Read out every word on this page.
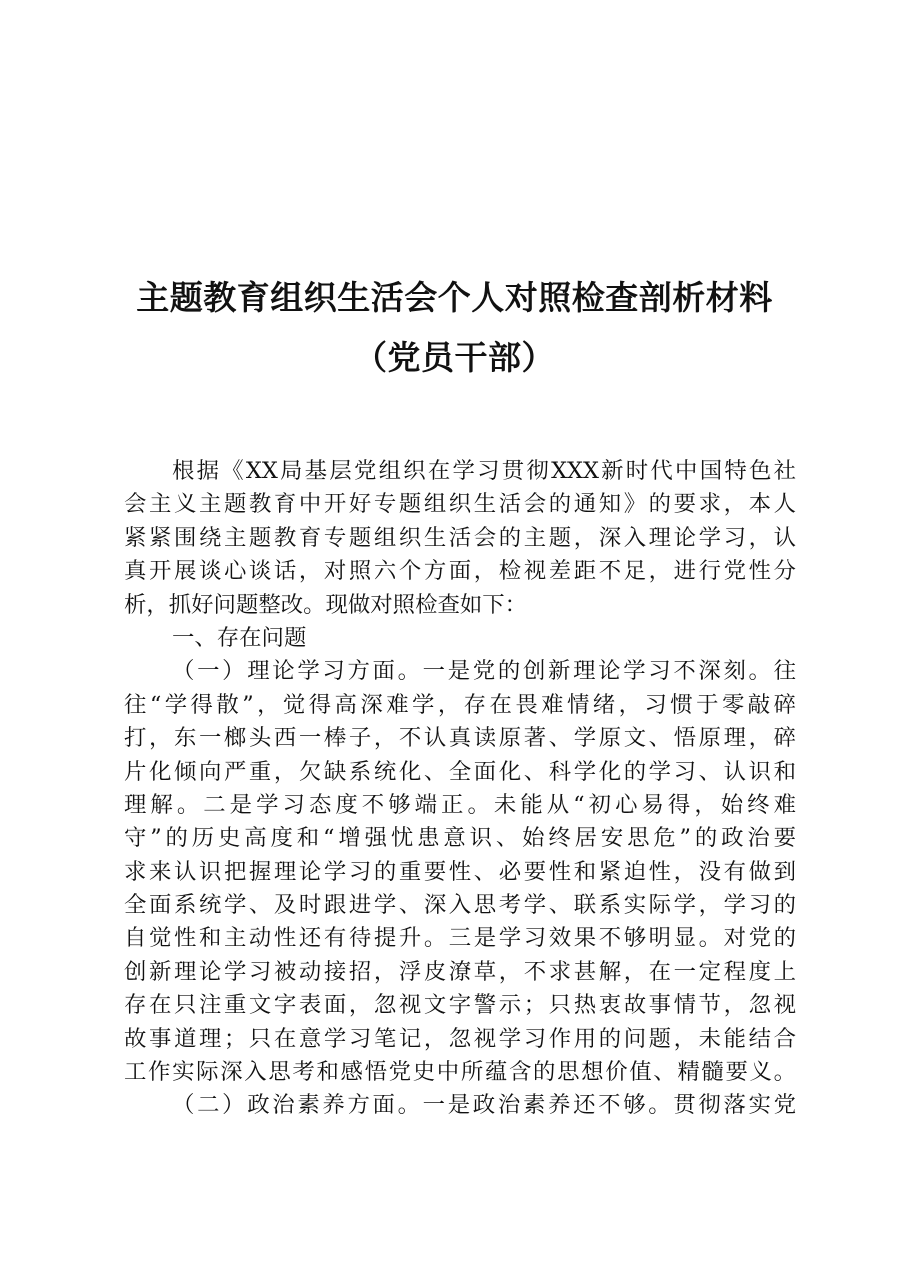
主题教育组织生活会个人对照检查剖析材料
（党员干部）
根据《XX局基层党组织在学习贯彻XXX新时代中国特色社
会主义主题教育中开好专题组织生活会的通知》的要求，本人
紧紧围绕主题教育专题组织生活会的主题，深入理论学习，认
真开展谈心谈话，对照六个方面，检视差距不足，进行党性分
析，抓好问题整改。现做对照检查如下：
一、存在问题
（一）理论学习方面。一是党的创新理论学习不深刻。往
往“学得散”，觉得高深难学，存在畏难情绪，习惯于零敲碎
打，东一榔头西一棒子，不认真读原著、学原文、悟原理，碎
片化倾向严重，欠缺系统化、全面化、科学化的学习、认识和
理解。二是学习态度不够端正。未能从“初心易得，始终难
守”的历史高度和“增强忧患意识、始终居安思危”的政治要
求来认识把握理论学习的重要性、必要性和紧迫性，没有做到
全面系统学、及时跟进学、深入思考学、联系实际学，学习的
自觉性和主动性还有待提升。三是学习效果不够明显。对党的
创新理论学习被动接招，浮皮潦草，不求甚解，在一定程度上
存在只注重文字表面，忽视文字警示；只热衷故事情节，忽视
故事道理；只在意学习笔记，忽视学习作用的问题，未能结合
工作实际深入思考和感悟党史中所蕴含的思想价值、精髓要义。
（二）政治素养方面。一是政治素养还不够。贯彻落实党
